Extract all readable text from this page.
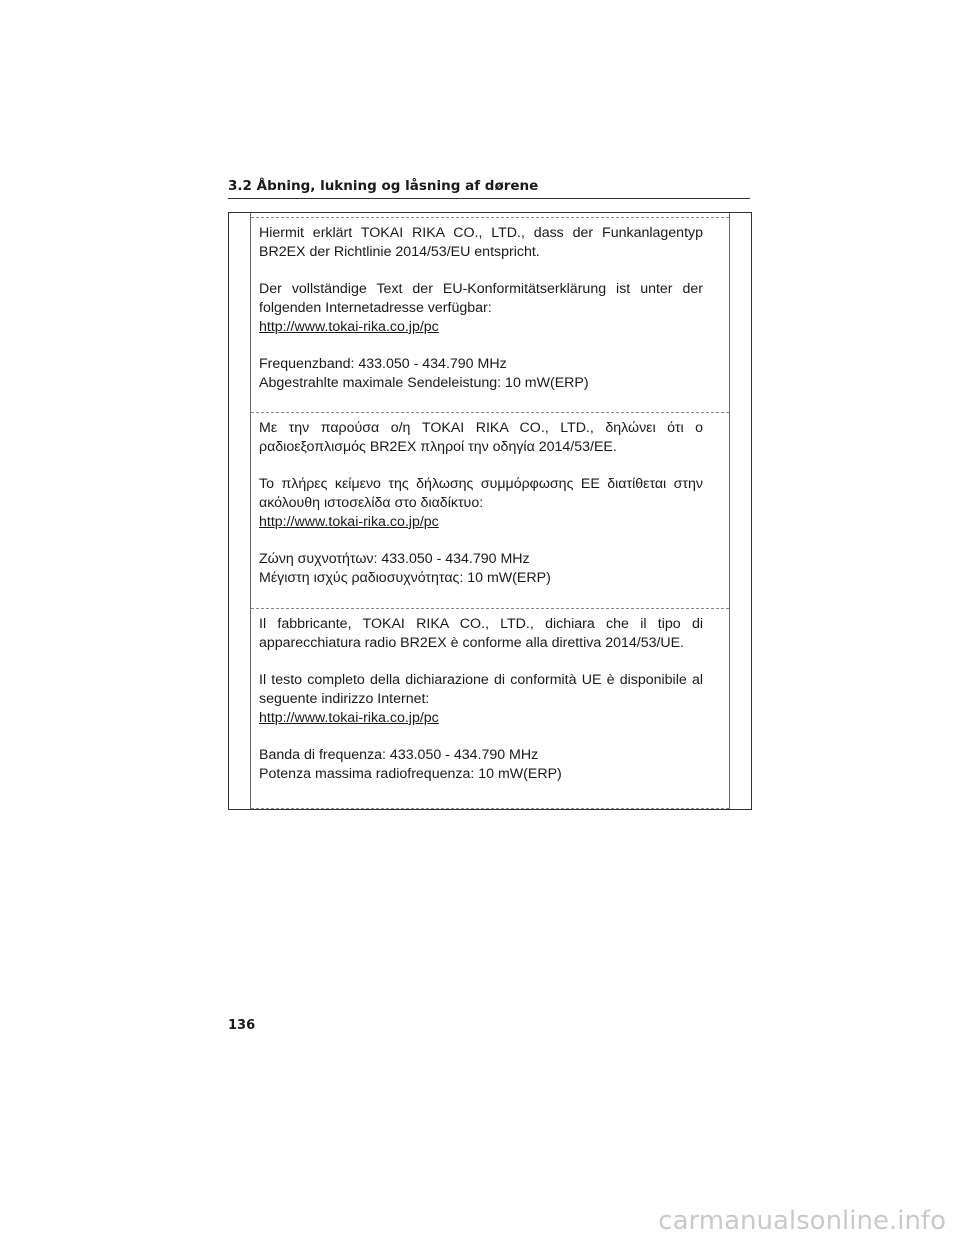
3.2 Åbning, lukning og låsning af dørene

Hiermit erklärt TOKAI RIKA CO., LTD., dass der Funkanlagentyp BR2EX der Richtlinie 2014/53/EU entspricht.

Der vollständige Text der EU-Konformitätserklärung ist unter der folgenden Internetadresse verfügbar:

http://www.tokai-rika.co.jp/pc
Frequenzband: 433.050 - 434.790 MHz
Abgestrahlte maximale Sendeleistung: 10 mW(ERP)

Με την παρούσα ο/η TOKAI RIKA CO., LTD., δηλώνει ότι ο ραδιοεξοπλισμός BR2EX πληροί την οδηγία 2014/53/ΕΕ.

Το πλήρες κείμενο της δήλωσης συμμόρφωσης ΕΕ διατίθεται στην ακόλουθη ιστοσελίδα στο διαδίκτυο:

http://www.tokai-rika.co.jp/pc
Ζώνη συχνοτήτων: 433.050 - 434.790 MHz
Μέγιστη ισχύς ραδιοσυχνότητας: 10 mW(ERP)

Il fabbricante, TOKAI RIKA CO., LTD., dichiara che il tipo di apparecchiatura radio BR2EX è conforme alla direttiva 2014/53/UE.

Il testo completo della dichiarazione di conformità UE è disponibile al seguente indirizzo Internet:

http://www.tokai-rika.co.jp/pc
Banda di frequenza: 433.050 - 434.790 MHz
Potenza massima radiofrequenza: 10 mW(ERP)
136
carmanualsonline.info
